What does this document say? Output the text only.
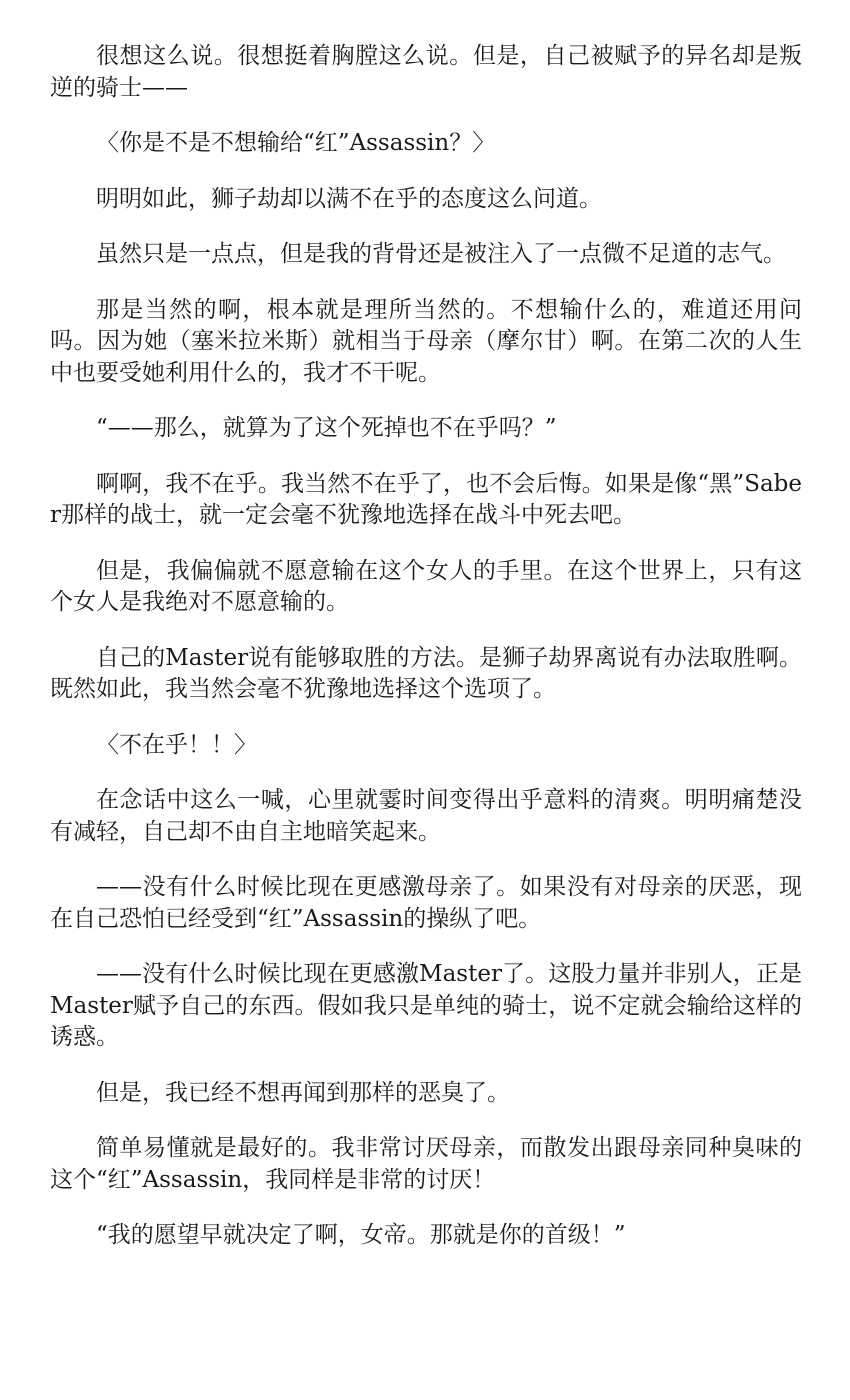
很想这么说。很想挺着胸膛这么说。但是，自己被赋予的异名却是叛逆的骑士——

〈你是不是不想输给“红”Assassin？〉

明明如此，狮子劫却以满不在乎的态度这么问道。

虽然只是一点点，但是我的背骨还是被注入了一点微不足道的志气。

那是当然的啊，根本就是理所当然的。不想输什么的，难道还用问吗。因为她（塞米拉米斯）就相当于母亲（摩尔甘）啊。在第二次的人生中也要受她利用什么的，我才不干呢。

“——那么，就算为了这个死掉也不在乎吗？”

啊啊，我不在乎。我当然不在乎了，也不会后悔。如果是像“黑”Saber那样的战士，就一定会毫不犹豫地选择在战斗中死去吧。

但是，我偏偏就不愿意输在这个女人的手里。在这个世界上，只有这个女人是我绝对不愿意输的。

自己的Master说有能够取胜的方法。是狮子劫界离说有办法取胜啊。既然如此，我当然会毫不犹豫地选择这个选项了。

〈不在乎！！〉

在念话中这么一喊，心里就霎时间变得出乎意料的清爽。明明痛楚没有减轻，自己却不由自主地暗笑起来。

——没有什么时候比现在更感激母亲了。如果没有对母亲的厌恶，现在自己恐怕已经受到“红”Assassin的操纵了吧。

——没有什么时候比现在更感激Master了。这股力量并非别人，正是Master赋予自己的东西。假如我只是单纯的骑士，说不定就会输给这样的诱惑。

但是，我已经不想再闻到那样的恶臭了。

简单易懂就是最好的。我非常讨厌母亲，而散发出跟母亲同种臭味的这个“红”Assassin，我同样是非常的讨厌！

“我的愿望早就决定了啊，女帝。那就是你的首级！”
